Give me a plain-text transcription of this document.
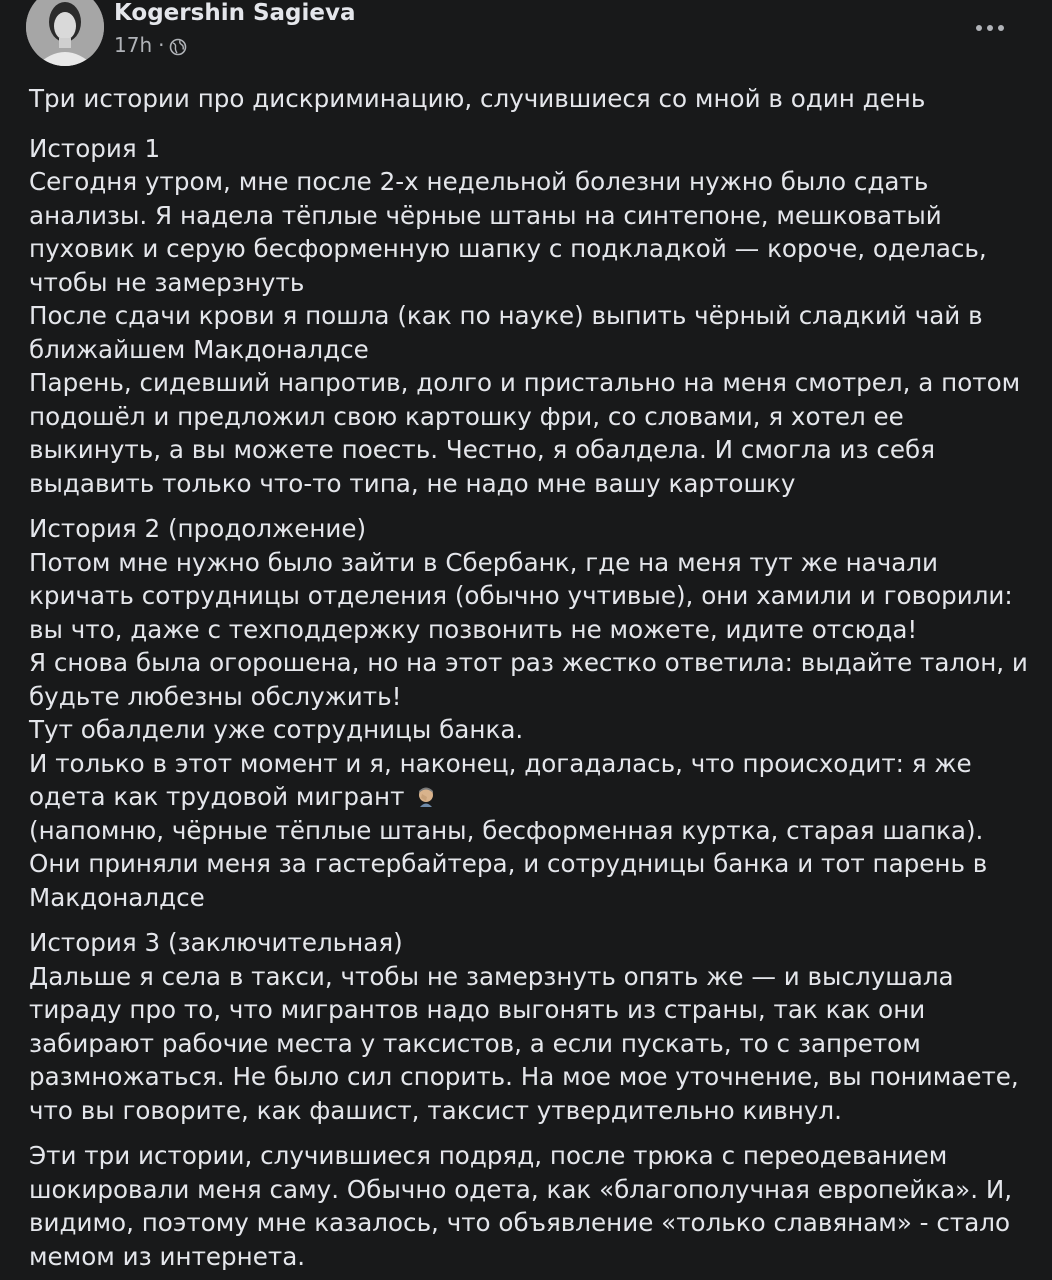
Kogershin Sagieva
17h ·

Три истории про дискриминацию, случившиеся со мной в один день

История 1

Сегодня утром, мне после 2-х недельной болезни нужно было сдать анализы. Я надела тёплые чёрные штаны на синтепоне, мешковатый пуховик и серую бесформенную шапку с подкладкой — короче, оделась, чтобы не замерзнуть
После сдачи крови я пошла (как по науке) выпить чёрный сладкий чай в ближайшем Макдоналдсе
Парень, сидевший напротив, долго и пристально на меня смотрел, а потом подошёл и предложил свою картошку фри, со словами, я хотел ее выкинуть, а вы можете поесть. Честно, я обалдела. И смогла из себя выдавить только что-то типа, не надо мне вашу картошку

История 2 (продолжение)

Потом мне нужно было зайти в Сбербанк, где на меня тут же начали кричать сотрудницы отделения (обычно учтивые), они хамили и говорили: вы что, даже с техподдержку позвонить не можете, идите отсюда!
Я снова была огорошена, но на этот раз жестко ответила: выдайте талон, и будьте любезны обслужить!
Тут обалдели уже сотрудницы банка.
И только в этот момент и я, наконец, догадалась, что происходит: я же одета как трудовой мигрант
(напомню, чёрные тёплые штаны, бесформенная куртка, старая шапка).
Они приняли меня за гастербайтера, и сотрудницы банка и тот парень в Макдоналдсе

История 3 (заключительная)

Дальше я села в такси, чтобы не замерзнуть опять же — и выслушала тираду про то, что мигрантов надо выгонять из страны, так как они забирают рабочие места у таксистов, а если пускать, то с запретом размножаться. Не было сил спорить. На мое мое уточнение, вы понимаете, что вы говорите, как фашист, таксист утвердительно кивнул.

Эти три истории, случившиеся подряд, после трюка с переодеванием шокировали меня саму. Обычно одета, как «благополучная европейка». И, видимо, поэтому мне казалось, что объявление «только славянам» - стало мемом из интернета.
